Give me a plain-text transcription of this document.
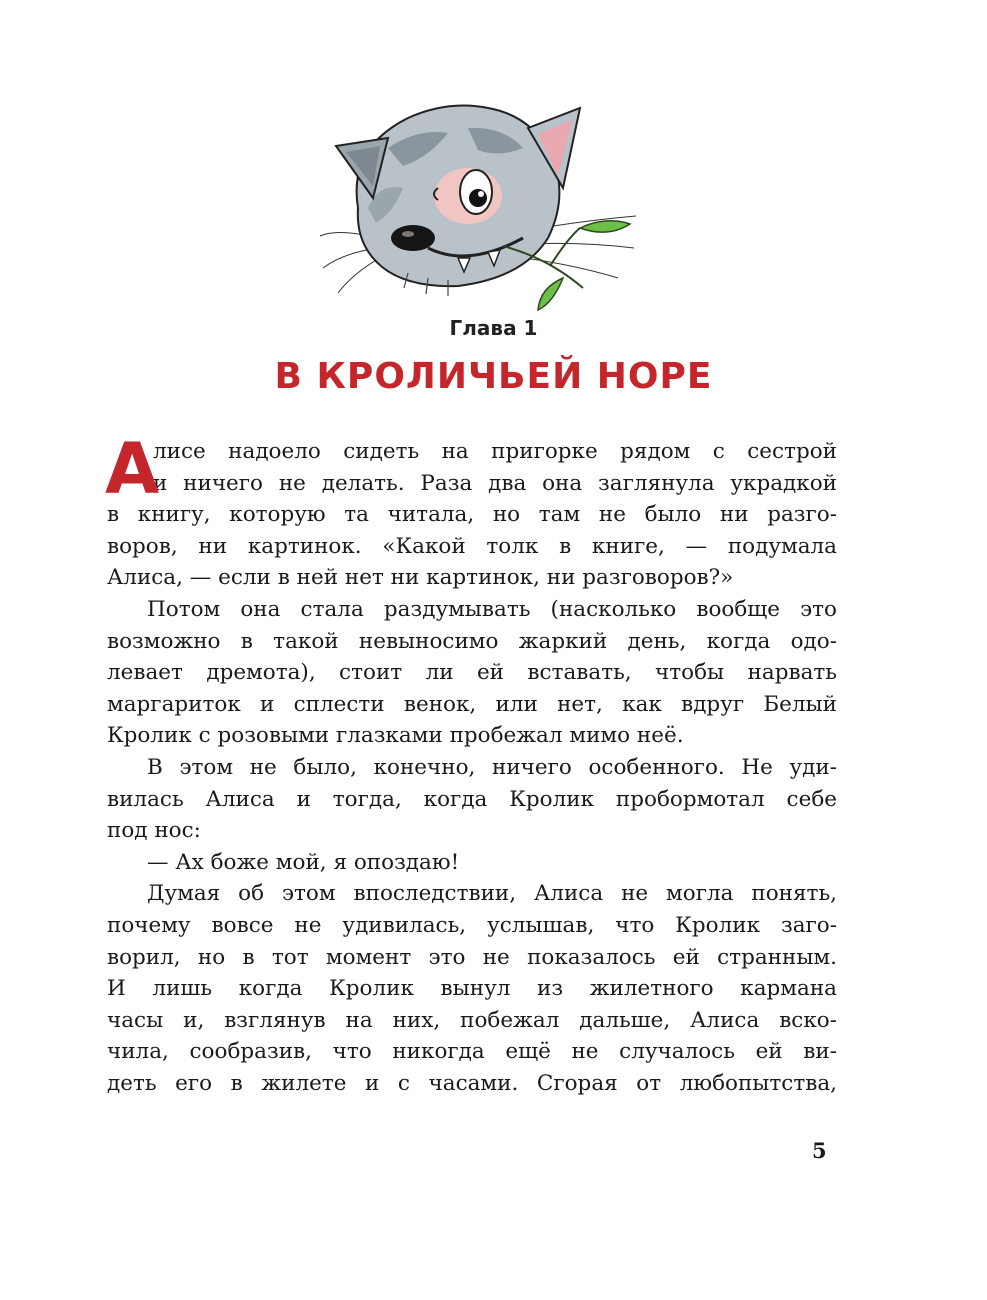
Глава 1
В КРОЛИЧЬЕЙ НОРЕ
А
лисе надоело сидеть на пригорке рядом с сестрой
и ничего не делать. Раза два она заглянула украдкой
в книгу, которую та читала, но там не было ни разго-
воров, ни картинок. «Какой толк в книге, — подумала
Алиса, — если в ней нет ни картинок, ни разговоров?»
Потом она стала раздумывать (насколько вообще это
возможно в такой невыносимо жаркий день, когда одо-
левает дремота), стоит ли ей вставать, чтобы нарвать
маргариток и сплести венок, или нет, как вдруг Белый
Кролик с розовыми глазками пробежал мимо неё.
В этом не было, конечно, ничего особенного. Не уди-
вилась Алиса и тогда, когда Кролик пробормотал себе
под нос:
— Ах боже мой, я опоздаю!
Думая об этом впоследствии, Алиса не могла понять,
почему вовсе не удивилась, услышав, что Кролик заго-
ворил, но в тот момент это не показалось ей странным.
И лишь когда Кролик вынул из жилетного кармана
часы и, взглянув на них, побежал дальше, Алиса вско-
чила, сообразив, что никогда ещё не случалось ей ви-
деть его в жилете и с часами. Сгорая от любопытства,
5
